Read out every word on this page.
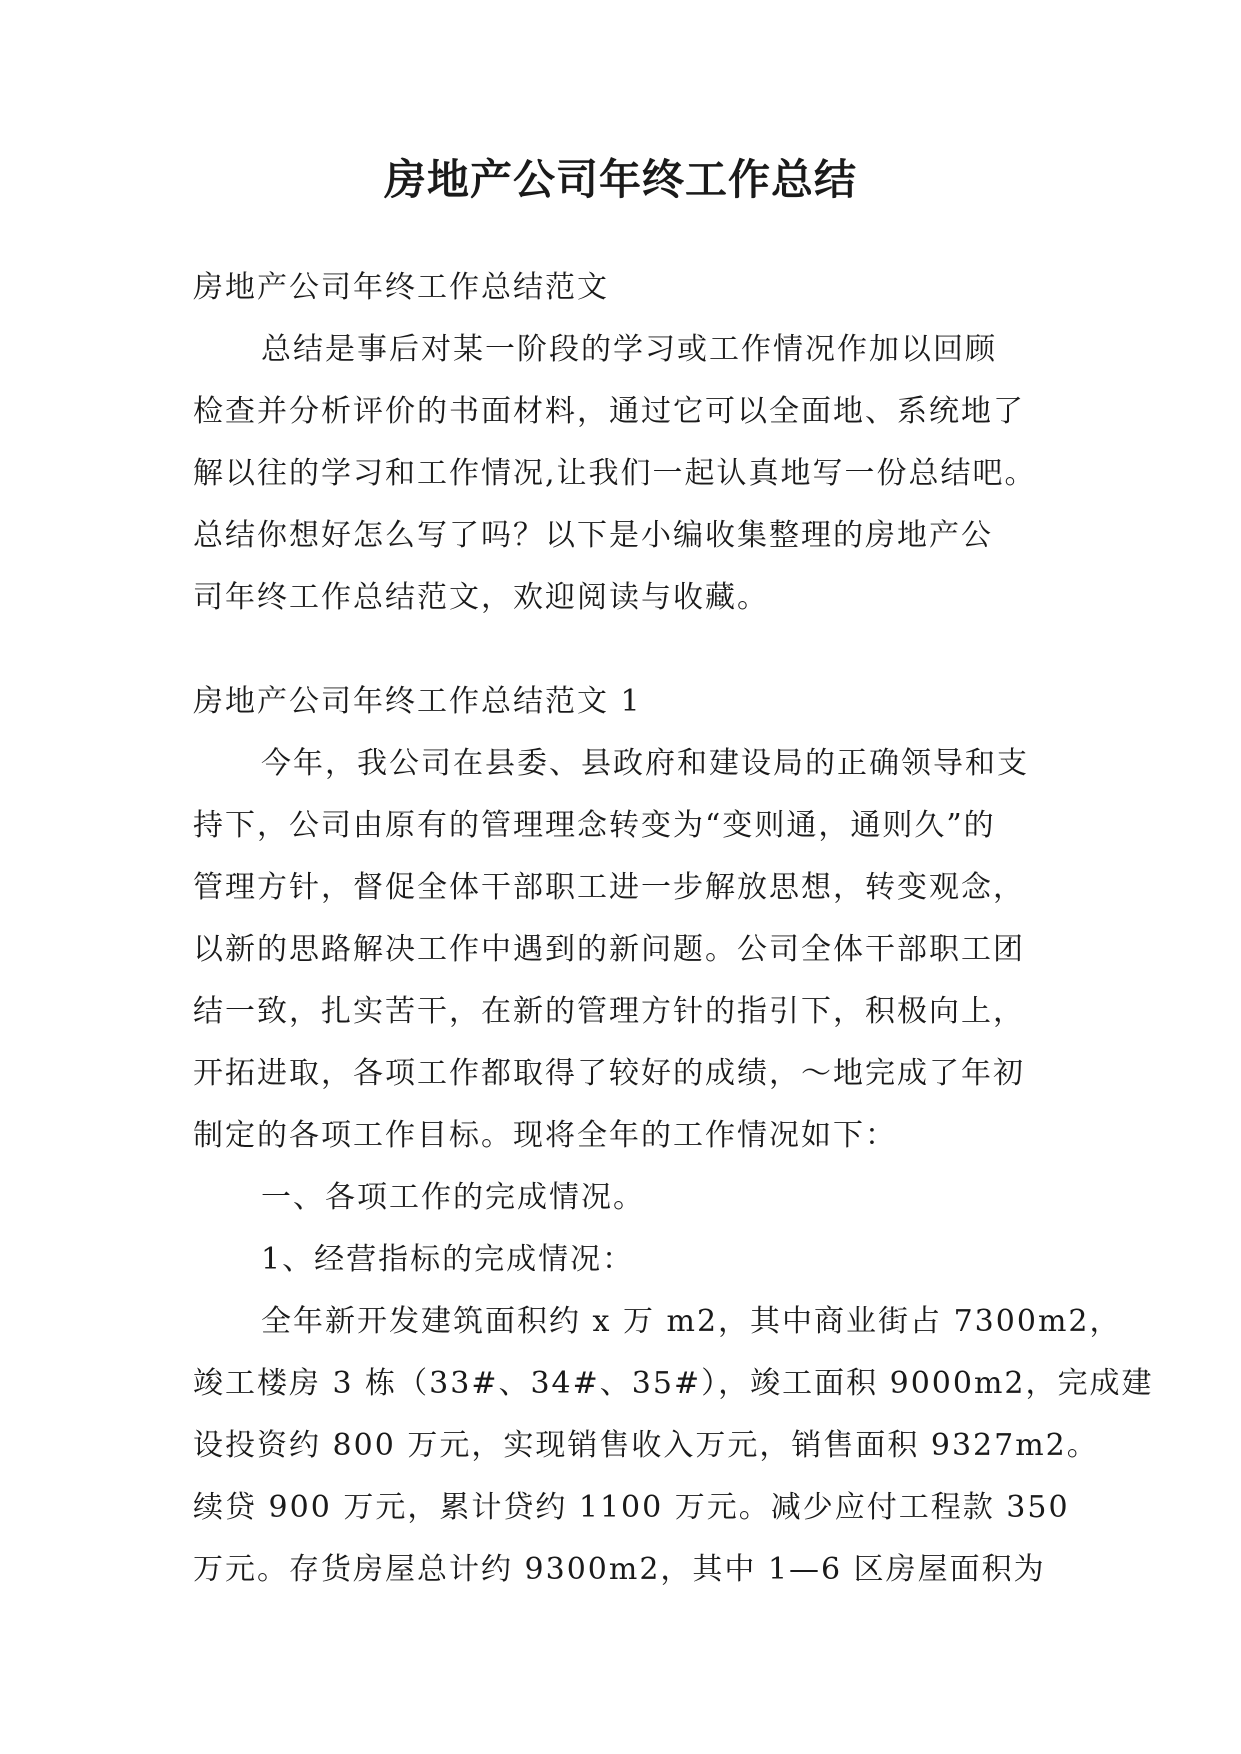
房地产公司年终工作总结
房地产公司年终工作总结范文
总结是事后对某一阶段的学习或工作情况作加以回顾
检查并分析评价的书面材料，通过它可以全面地、系统地了
解以往的学习和工作情况,让我们一起认真地写一份总结吧。
总结你想好怎么写了吗？以下是小编收集整理的房地产公
司年终工作总结范文，欢迎阅读与收藏。
房地产公司年终工作总结范文 1
今年，我公司在县委、县政府和建设局的正确领导和支
持下，公司由原有的管理理念转变为“变则通，通则久”的
管理方针，督促全体干部职工进一步解放思想，转变观念，
以新的思路解决工作中遇到的新问题。公司全体干部职工团
结一致，扎实苦干，在新的管理方针的指引下，积极向上，
开拓进取，各项工作都取得了较好的成绩，～地完成了年初
制定的各项工作目标。现将全年的工作情况如下：
一、各项工作的完成情况。
1、经营指标的完成情况：
全年新开发建筑面积约 x 万 m2，其中商业街占 7300m2，
竣工楼房 3 栋（33#、34#、35#），竣工面积 9000m2，完成建
设投资约 800 万元，实现销售收入万元，销售面积 9327m2。
续贷 900 万元，累计贷约 1100 万元。减少应付工程款 350
万元。存货房屋总计约 9300m2，其中 1—6 区房屋面积为
